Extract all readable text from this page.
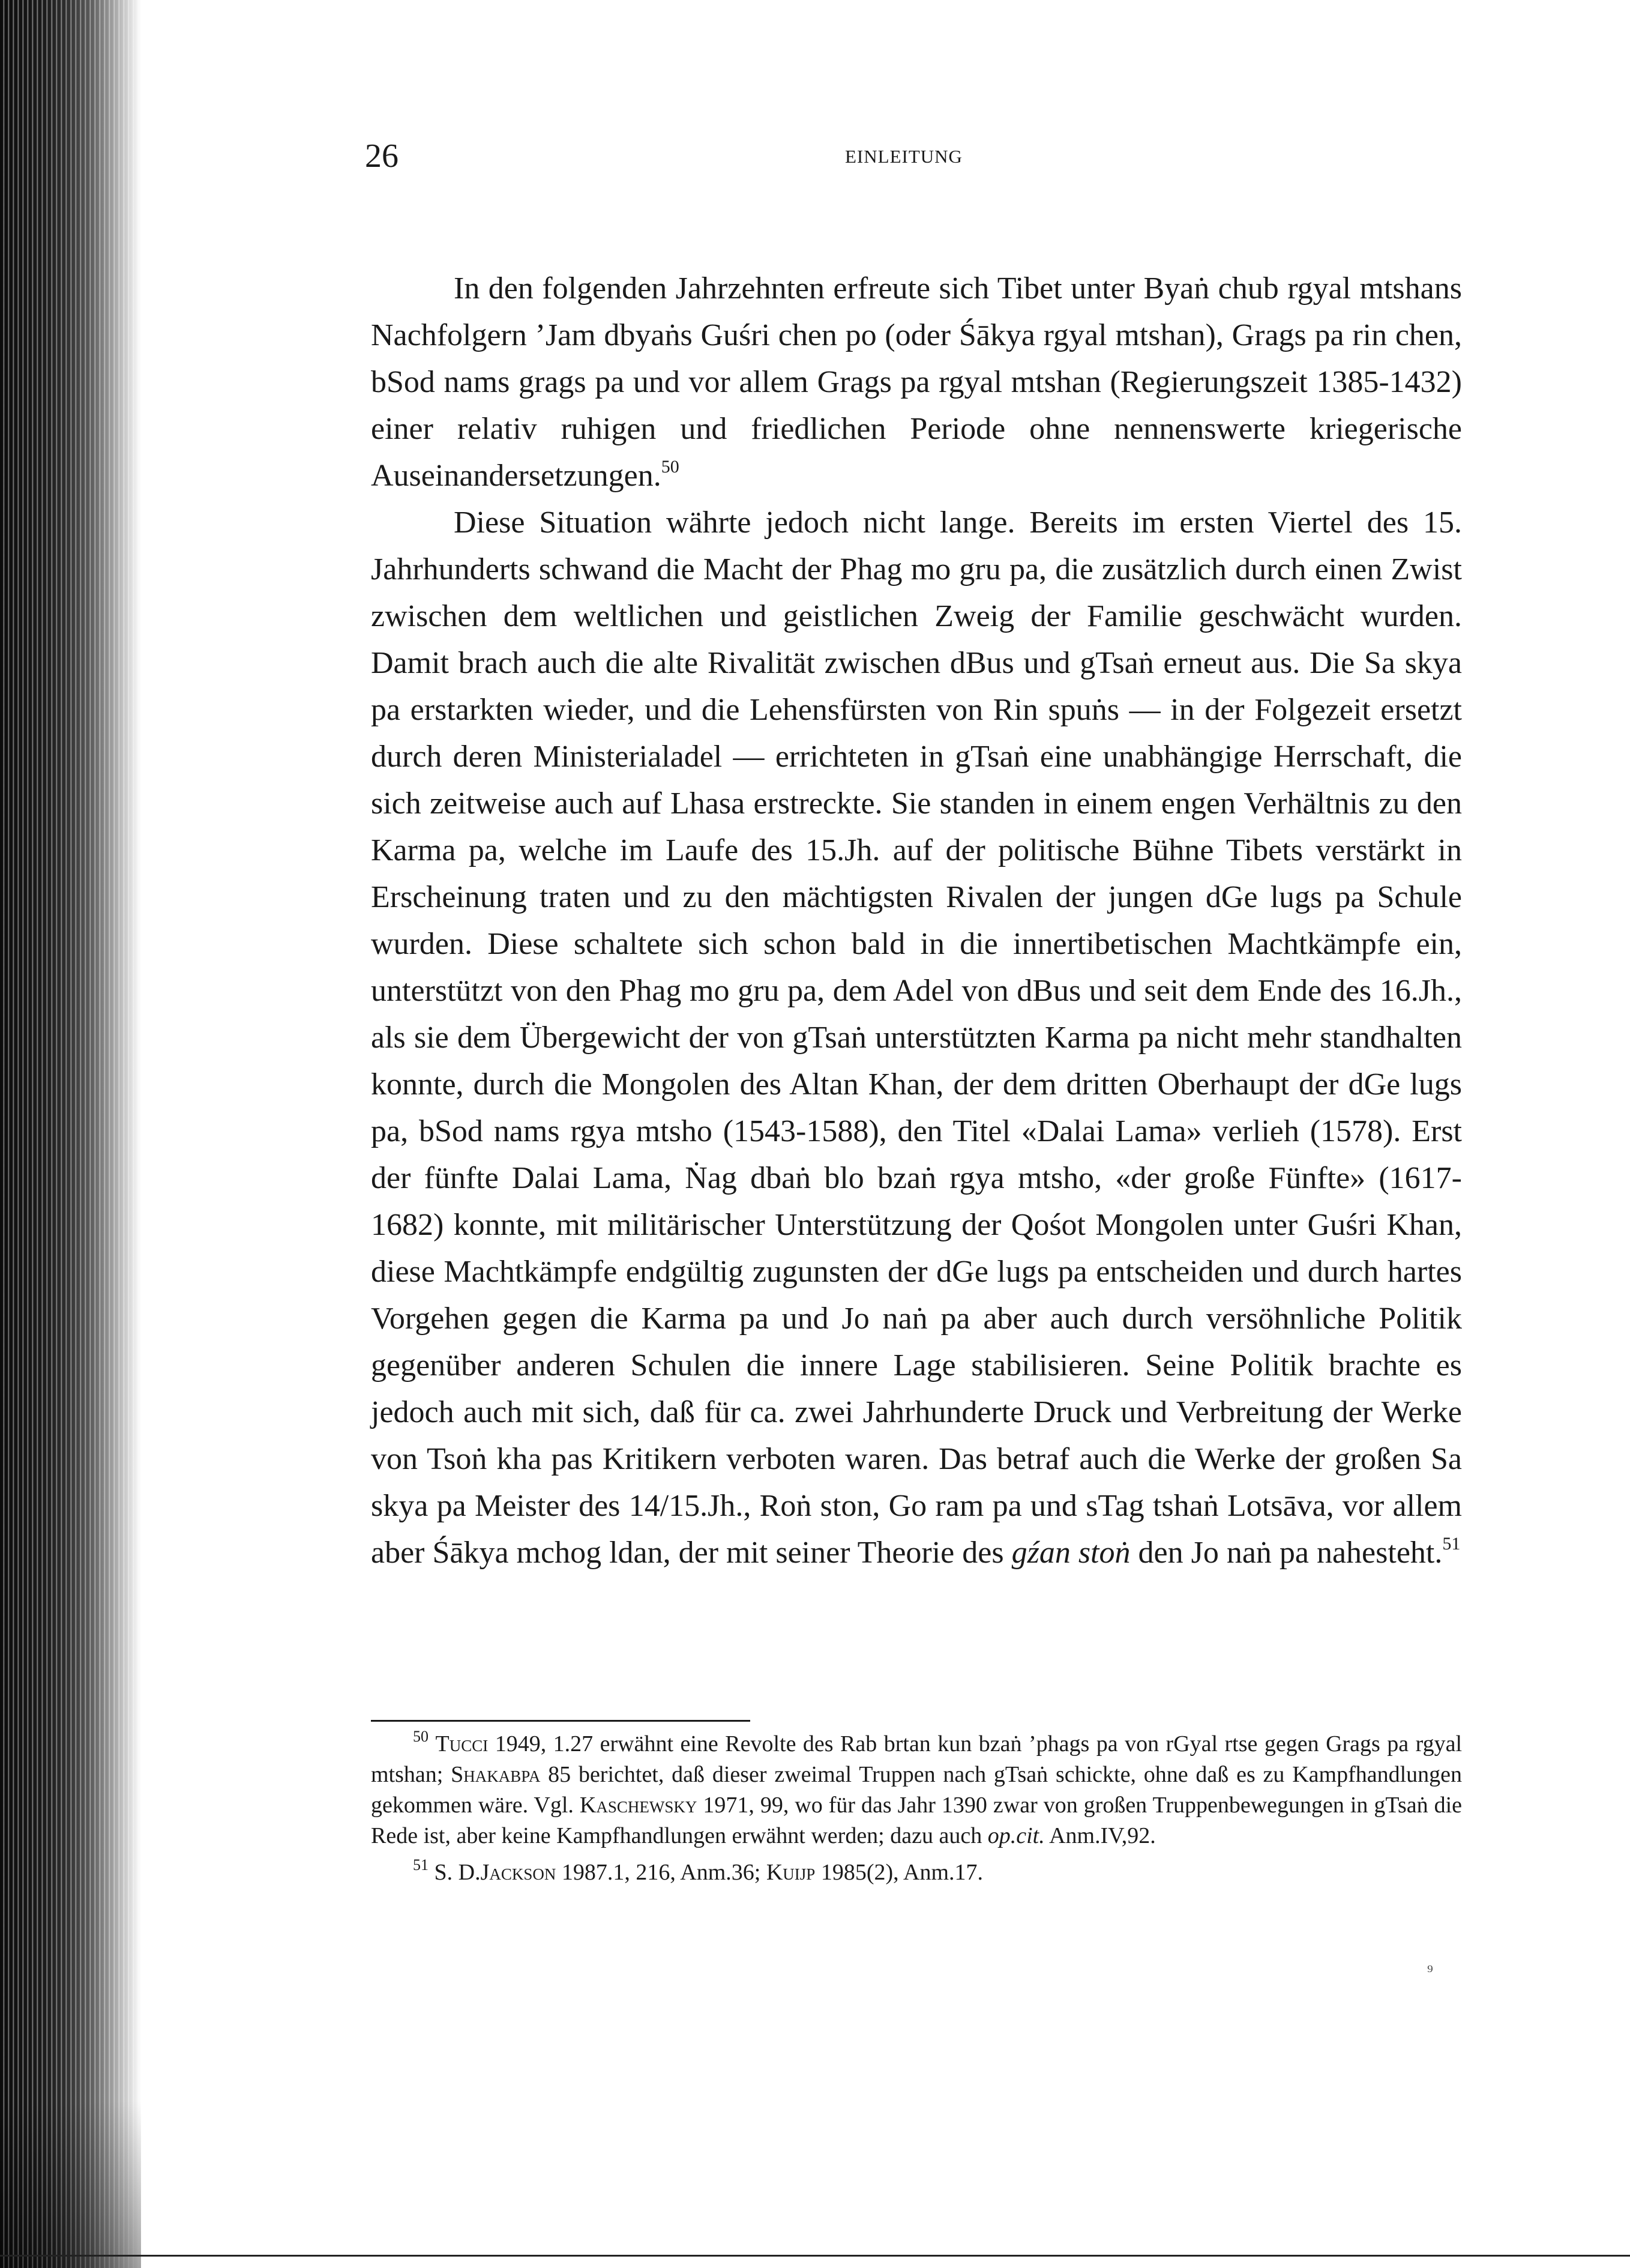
26	EINLEITUNG

In den folgenden Jahrzehnten erfreute sich Tibet unter Byaṅ chub rgyal mtshans Nachfolgern ’Jam dbyaṅs Guśri chen po (oder Śākya rgyal mtshan), Grags pa rin chen, bSod nams grags pa und vor allem Grags pa rgyal mtshan (Regierungszeit 1385-1432) einer relativ ruhigen und friedlichen Periode ohne nennenswerte kriegerische Auseinandersetzungen.$^{50}$

Diese Situation währte jedoch nicht lange. Bereits im ersten Viertel des 15. Jahrhunderts schwand die Macht der Phag mo gru pa, die zusätzlich durch einen Zwist zwischen dem weltlichen und geistlichen Zweig der Familie geschwächt wurden. Damit brach auch die alte Rivalität zwischen dBus und gTsaṅ erneut aus. Die Sa skya pa erstarkten wieder, und die Lehensfürsten von Rin spuṅs — in der Folgezeit ersetzt durch deren Ministerialadel — errichteten in gTsaṅ eine unabhängige Herrschaft, die sich zeitweise auch auf Lhasa erstreckte. Sie standen in einem engen Verhältnis zu den Karma pa, welche im Laufe des 15.Jh. auf der politische Bühne Tibets verstärkt in Erscheinung traten und zu den mächtigsten Rivalen der jungen dGe lugs pa Schule wurden. Diese schaltete sich schon bald in die innertibetischen Machtkämpfe ein, unterstützt von den Phag mo gru pa, dem Adel von dBus und seit dem Ende des 16.Jh., als sie dem Übergewicht der von gTsaṅ unterstützten Karma pa nicht mehr standhalten konnte, durch die Mongolen des Altan Khan, der dem dritten Oberhaupt der dGe lugs pa, bSod nams rgya mtsho (1543-1588), den Titel «Dalai Lama» verlieh (1578). Erst der fünfte Dalai Lama, Ṅag dbaṅ blo bzaṅ rgya mtsho, «der große Fünfte» (1617-1682) konnte, mit militärischer Unterstützung der Qośot Mongolen unter Guśri Khan, diese Machtkämpfe endgültig zugunsten der dGe lugs pa entscheiden und durch hartes Vorgehen gegen die Karma pa und Jo naṅ pa aber auch durch versöhnliche Politik gegenüber anderen Schulen die innere Lage stabilisieren. Seine Politik brachte es jedoch auch mit sich, daß für ca. zwei Jahrhunderte Druck und Verbreitung der Werke von Tsoṅ kha pas Kritikern verboten waren. Das betraf auch die Werke der großen Sa skya pa Meister des 14/15.Jh., Roṅ ston, Go ram pa und sTag tshaṅ Lotsāva, vor allem aber Śākya mchog ldan, der mit seiner Theorie des gźan stoṅ den Jo naṅ pa nahesteht.$^{51}$

$^{50}$ Tucci 1949, 1.27 erwähnt eine Revolte des Rab brtan kun bzaṅ ’phags pa von rGyal rtse gegen Grags pa rgyal mtshan; Shakabpa 85 berichtet, daß dieser zweimal Truppen nach gTsaṅ schickte, ohne daß es zu Kampfhandlungen gekommen wäre. Vgl. Kaschewsky 1971, 99, wo für das Jahr 1390 zwar von großen Truppenbewegungen in gTsaṅ die Rede ist, aber keine Kampfhandlungen erwähnt werden; dazu auch op.cit. Anm.IV,92.

$^{51}$ S. D.Jackson 1987.1, 216, Anm.36; Kuijp 1985(2), Anm.17.

⁹
